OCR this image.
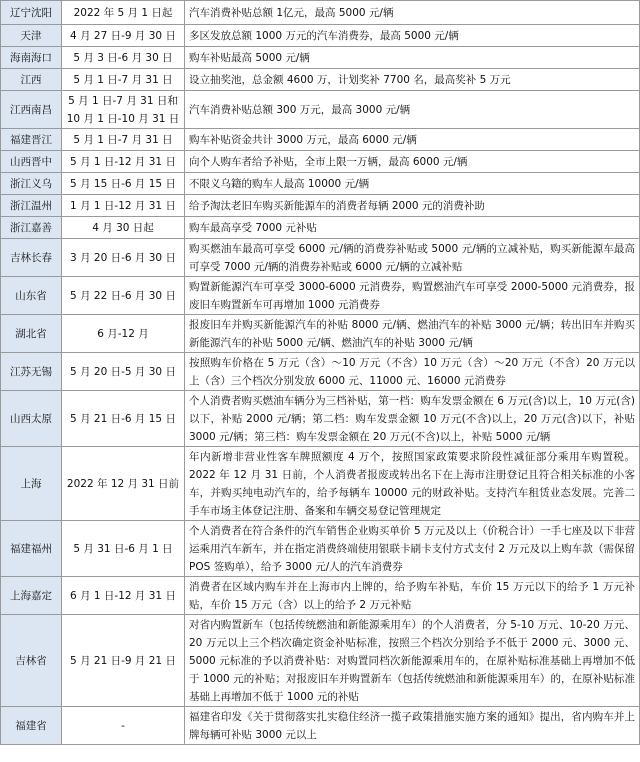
辽宁沈阳	2022 年 5 月 1 日起	汽车消费补贴总额 1亿元，最高 5000 元/辆
天津	4 月 27 日-9 月 30 日	多区发放总额 1000 万元的汽车消费券，最高 5000 元/辆
海南海口	5 月 3 日-6 月 30 日	购车补贴最高 5000 元/辆
江西	5 月 1 日-7 月 31 日	设立抽奖池，总金额 4600 万，计划奖补 7700 名，最高奖补 5 万元
江西南昌	5 月 1 日-7 月 31 日和 10 月 1 日-10 月 31 日	汽车消费补贴总额 300 万元，最高 3000 元/辆
福建晋江	5 月 1 日-7 月 31 日	购车补贴资金共计 3000 万元，最高 6000 元/辆
山西晋中	5 月 1 日-12 月 31 日	向个人购车者给予补贴，全市上限一万辆，最高 6000 元/辆
浙江义乌	5 月 15 日-6 月 15 日	不限义乌籍的购车人最高 10000 元/辆
浙江温州	1 月 1 日-12 月 31 日	给予淘汰老旧车购买新能源车的消费者每辆 2000 元的消费补助
浙江嘉善	4 月 30 日起	购车最高享受 7000 元补贴
吉林长春	3 月 20 日-6 月 30 日	购买燃油车最高可享受 6000 元/辆的消费券补贴或 5000 元/辆的立减补贴，购买新能源车最高可享受 7000 元/辆的消费券补贴或 6000 元/辆的立减补贴
山东省	5 月 22 日-6 月 30 日	购置新能源汽车可享受 3000-6000 元消费券，购置燃油汽车可享受 2000-5000 元消费券，报废旧车购置新车可再增加 1000 元消费券
湖北省	6 月-12 月	报废旧车并购买新能源汽车的补贴 8000 元/辆、燃油汽车的补贴 3000 元/辆；转出旧车并购买新能源汽车的补贴 5000 元/辆、燃油汽车的补贴 3000 元/辆
江苏无锡	5 月 20 日-5 月 30 日	按照购车价格在 5 万元（含）～10 万元（不含）10 万元（含）～20 万元（不含）20 万元以上（含）三个档次分别发放 6000 元、11000 元、16000 元消费券
山西太原	5 月 21 日-6 月 15 日	个人消费者购买燃油车辆分为三档补贴，第一档：购车发票金额在 6 万元(含)以上，10 万元(含)以下，补贴 2000 元/辆；第二档：购车发票金额 10 万元(不含)以上，20 万元(含)以下，补贴 3000 元/辆；第三档：购车发票金额在 20 万元(不含)以上，补贴 5000 元/辆
上海	2022 年 12 月 31 日前	年内新增非营业性客车牌照额度 4 万个，按照国家政策要求阶段性减征部分乘用车购置税。2022 年 12 月 31 日前，个人消费者报废或转出名下在上海市注册登记且符合相关标准的小客车，并购买纯电动汽车的，给予每辆车 10000 元的财政补贴。支持汽车租赁业态发展。完善二手车市场主体登记注册、备案和车辆交易登记管理规定
福建福州	5 月 31 日-6 月 1 日	个人消费者在符合条件的汽车销售企业购买单价 5 万元及以上（价税合计）一手七座及以下非营运乘用汽车新车，并在指定消费終端使用银联卡刷卡支付方式支付 2 万元及以上购车款（需保留 POS 签购单），给予 3000 元/人的汽车消费券
上海嘉定	6 月 1 日-12 月 31 日	消费者在区域内购车并在上海市内上牌的，给予购车补贴，车价 15 万元以下的给予 1 万元补贴，车价 15 万元（含）以上的给予 2 万元补贴
吉林省	5 月 21 日-9 月 21 日	对省内购置新车（包括传统燃油和新能源乘用车）的个人消费者，分 5-10 万元、10-20 万元、20 万元以上三个档次确定资金补贴标准，按照三个档次分别给予不低于 2000 元、3000 元、5000 元标准的予以消费补贴：对购置同档次新能源乘用车的，在原补贴标准基础上再增加不低于 1000 元的补贴；对报废旧车并购置新车（包括传统燃油和新能源乘用车）的，在原补贴标准基础上再增加不低于 1000 元的补贴
福建省	-	福建省印发《关于贯彻落实扎实稳住经济一揽子政策措施实施方案的通知》提出，省内购车并上牌每辆可补贴 3000 元以上
